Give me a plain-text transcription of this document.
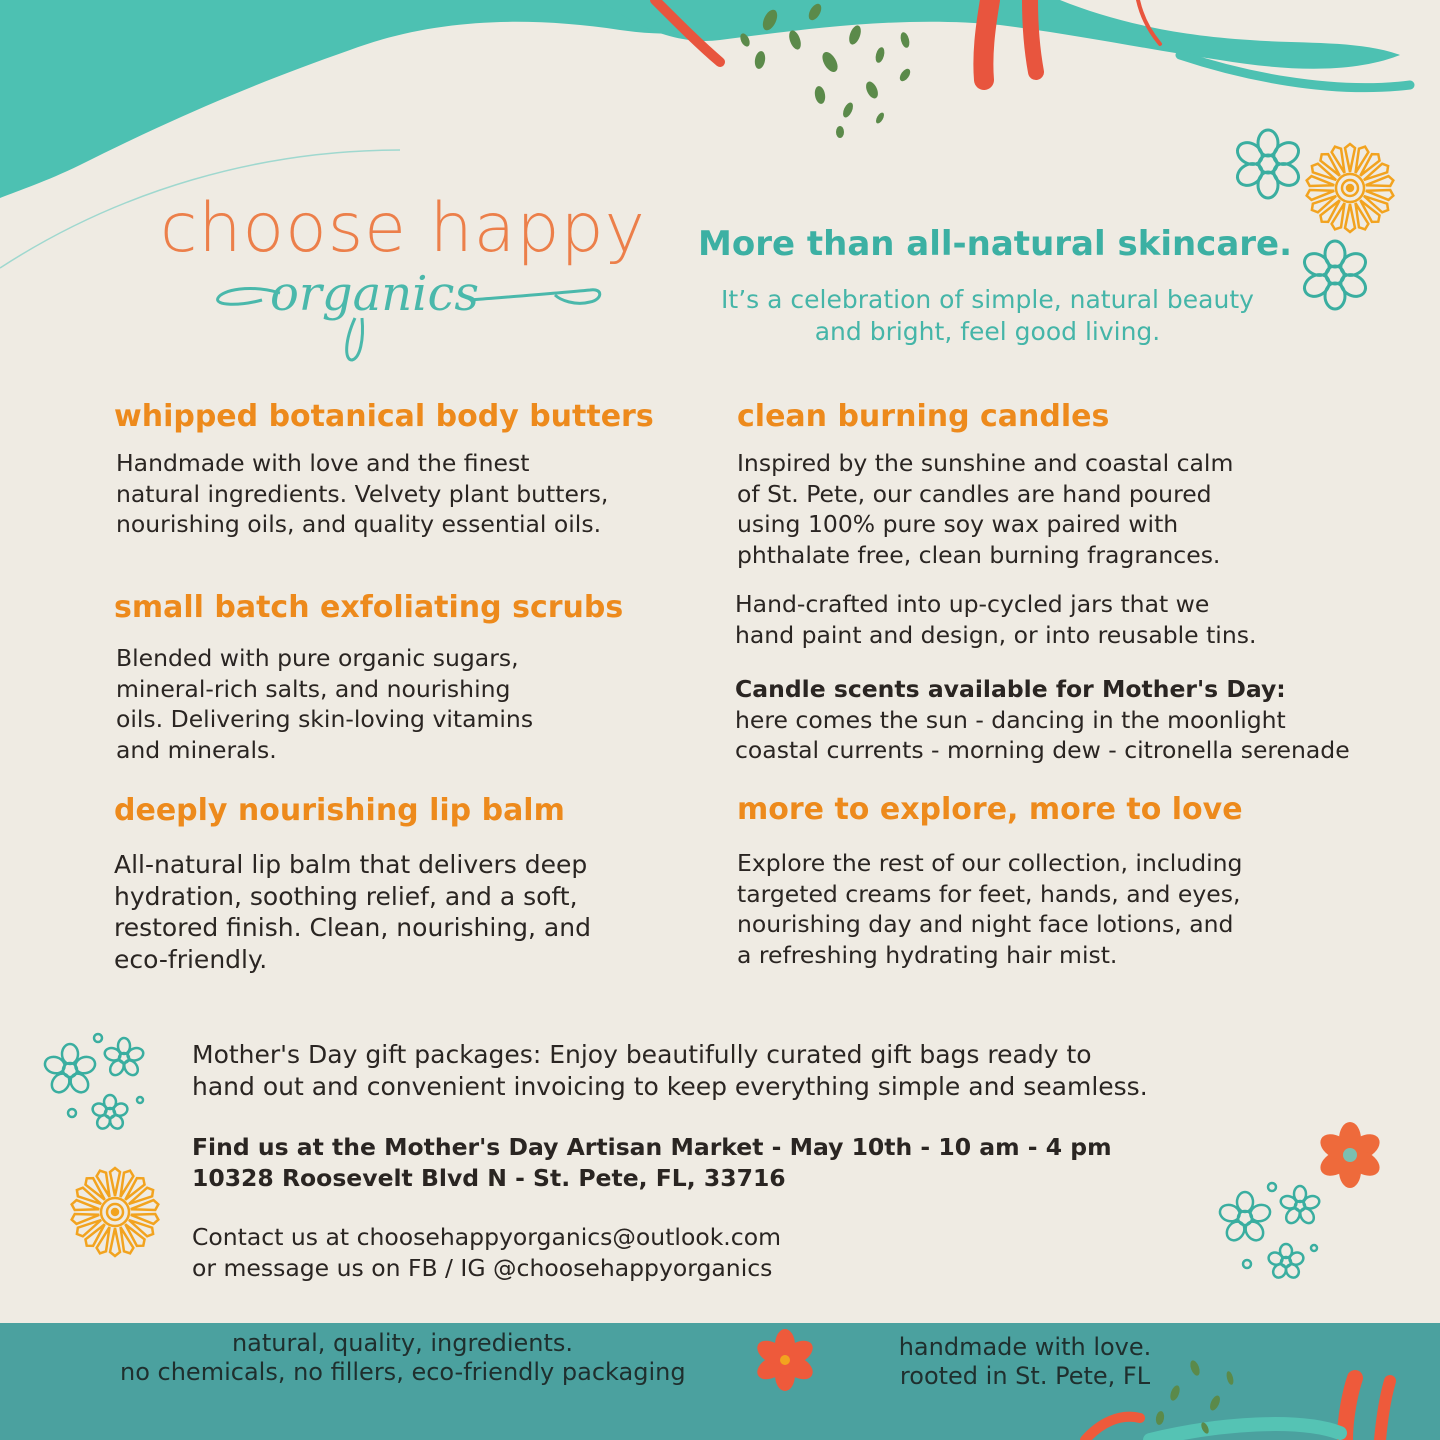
choose happy
organics
More than all-natural skincare.
It’s a celebration of simple, natural beauty and bright, feel good living.
whipped botanical body butters
Handmade with love and the finest
natural ingredients. Velvety plant butters,
nourishing oils, and quality essential oils.
small batch exfoliating scrubs
Blended with pure organic sugars,
mineral-rich salts, and nourishing
oils. Delivering skin-loving vitamins
and minerals.
deeply nourishing lip balm
All-natural lip balm that delivers deep
hydration, soothing relief, and a soft,
restored finish. Clean, nourishing, and
eco-friendly.
clean burning candles
Inspired by the sunshine and coastal calm
of St. Pete, our candles are hand poured
using 100% pure soy wax paired with
phthalate free, clean burning fragrances.
Hand-crafted into up-cycled jars that we
hand paint and design, or into reusable tins.
Candle scents available for Mother's Day:
here comes the sun - dancing in the moonlight
coastal currents - morning dew - citronella serenade
more to explore, more to love
Explore the rest of our collection, including
targeted creams for feet, hands, and eyes,
nourishing day and night face lotions, and
a refreshing hydrating hair mist.
Mother's Day gift packages: Enjoy beautifully curated gift bags ready to
hand out and convenient invoicing to keep everything simple and seamless.
Find us at the Mother's Day Artisan Market - May 10th - 10 am - 4 pm
10328 Roosevelt Blvd N - St. Pete, FL, 33716
Contact us at choosehappyorganics@outlook.com
or message us on FB / IG @choosehappyorganics
natural, quality, ingredients.
no chemicals, no fillers, eco-friendly packaging
handmade with love.
rooted in St. Pete, FL
